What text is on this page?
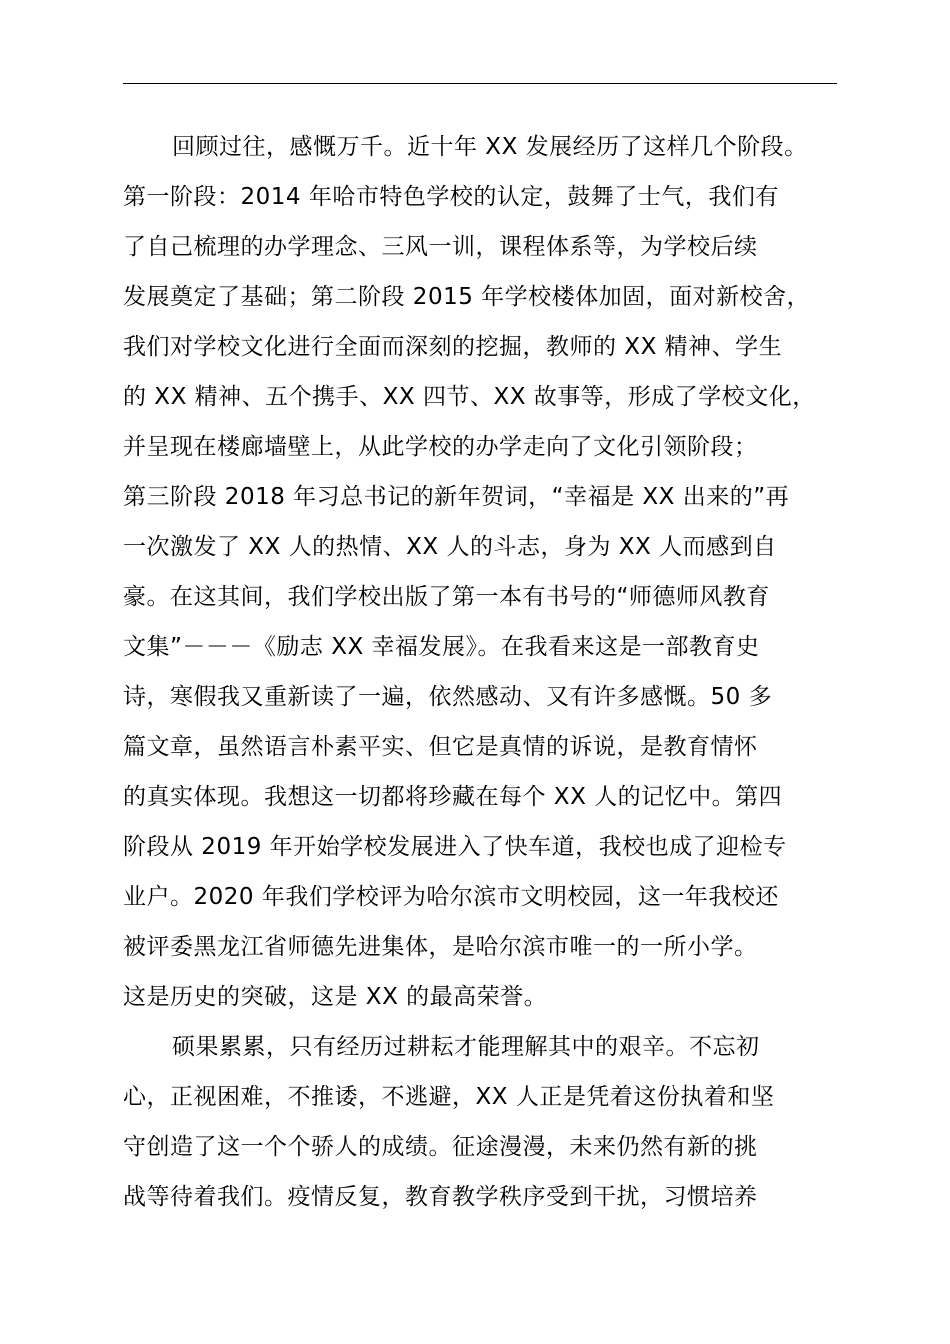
回顾过往，感慨万千。近十年 XX 发展经历了这样几个阶段。
第一阶段：2014 年哈市特色学校的认定，鼓舞了士气，我们有
了自己梳理的办学理念、三风一训，课程体系等，为学校后续
发展奠定了基础；第二阶段 2015 年学校楼体加固，面对新校舍，
我们对学校文化进行全面而深刻的挖掘，教师的 XX 精神、学生
的 XX 精神、五个携手、XX 四节、XX 故事等，形成了学校文化，
并呈现在楼廊墙壁上，从此学校的办学走向了文化引领阶段；
第三阶段 2018 年习总书记的新年贺词，“幸福是 XX 出来的”再
一次激发了 XX 人的热情、XX 人的斗志，身为 XX 人而感到自
豪。在这其间，我们学校出版了第一本有书号的“师德师风教育
文集”－－－《励志 XX 幸福发展》。在我看来这是一部教育史
诗，寒假我又重新读了一遍，依然感动、又有许多感慨。50 多
篇文章，虽然语言朴素平实、但它是真情的诉说，是教育情怀
的真实体现。我想这一切都将珍藏在每个 XX 人的记忆中。第四
阶段从 2019 年开始学校发展进入了快车道，我校也成了迎检专
业户。2020 年我们学校评为哈尔滨市文明校园，这一年我校还
被评委黑龙江省师德先进集体，是哈尔滨市唯一的一所小学。
这是历史的突破，这是 XX 的最高荣誉。
硕果累累，只有经历过耕耘才能理解其中的艰辛。不忘初
心，正视困难，不推诿，不逃避，XX 人正是凭着这份执着和坚
守创造了这一个个骄人的成绩。征途漫漫，未来仍然有新的挑
战等待着我们。疫情反复，教育教学秩序受到干扰，习惯培养
